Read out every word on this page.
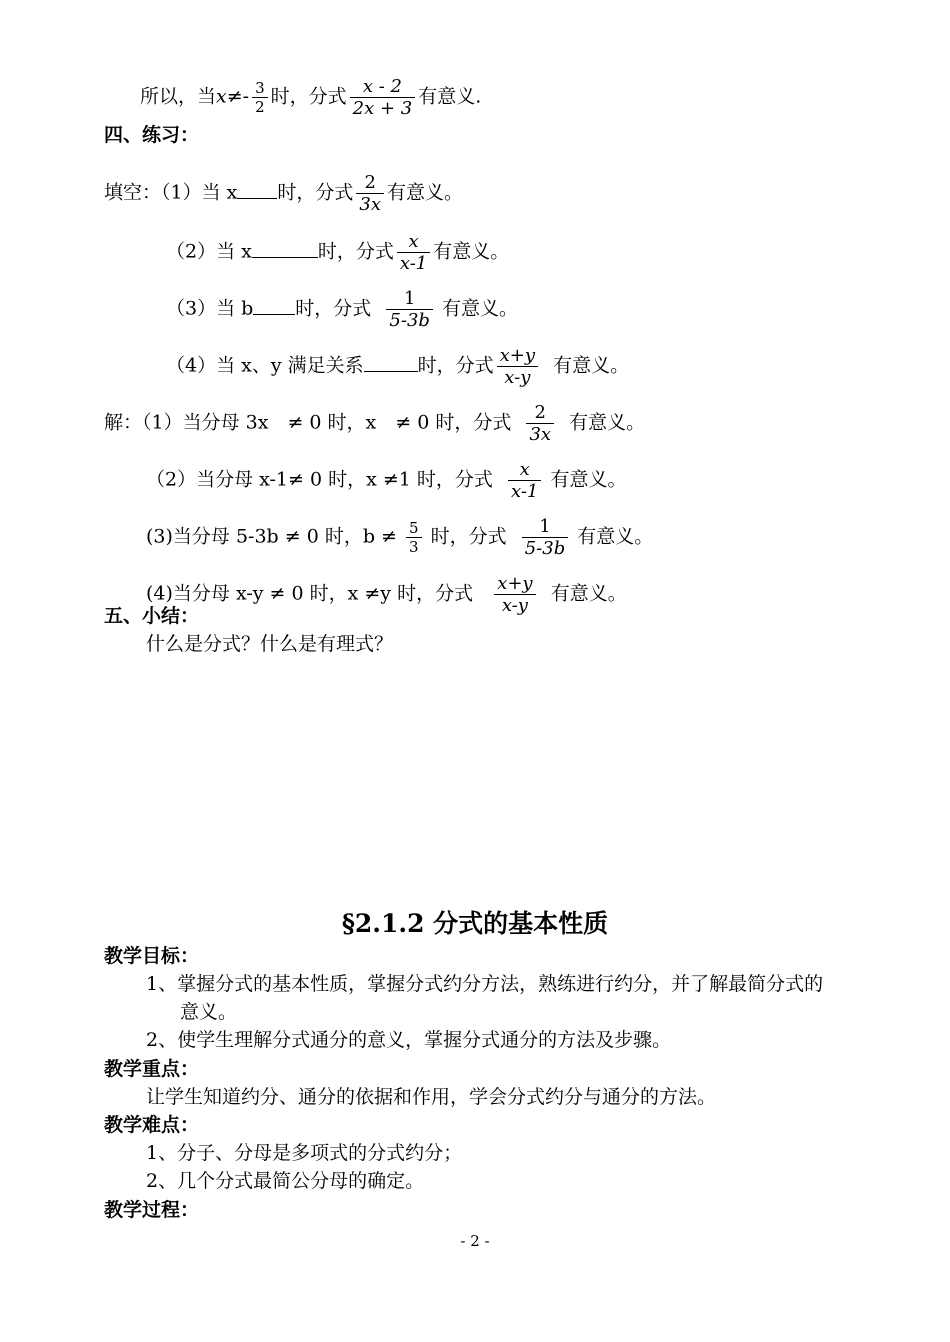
所以，当$x\ne- \frac{3}{2}$ 时，分式 $\frac{x - 2}{2x + 3}$ 有意义.
四、练习：
填空：（1）当 x 时，分式 $\frac{2}{3x}$ 有意义。
（2）当 x	时，分式 $\frac{x}{x-1}$ 有意义。
（3）当 b 时，分式 $\frac{1}{5-3b}$ 有意义。
（4）当 x、y 满足关系	时，分式 $\frac{x+y}{x-y}$ 有意义。
解：（1）当分母 3x　≠ 0 时，x　≠ 0 时，分式 $\frac{2}{3x}$ 有意义。
（2）当分母 x-1≠ 0 时，x ≠1 时，分式 $\frac{x}{x-1}$ 有意义。
(3)当分母 5-3b ≠ 0 时，$b \ne \frac{5}{3}$ 时，分式 $\frac{1}{5-3b}$ 有意义。
(4)当分母 x-y ≠ 0 时，x ≠y 时，分式 $\frac{x+y}{x-y}$ 有意义。
五、小结：
什么是分式？什么是有理式？
§2.1.2 分式的基本性质
教学目标：
1、掌握分式的基本性质，掌握分式约分方法，熟练进行约分，并了解最简分式的
意义。
2、使学生理解分式通分的意义，掌握分式通分的方法及步骤。
教学重点：
让学生知道约分、通分的依据和作用，学会分式约分与通分的方法。
教学难点：
1、分子、分母是多项式的分式约分；
2、几个分式最简公分母的确定。
教学过程：
- 2 -
